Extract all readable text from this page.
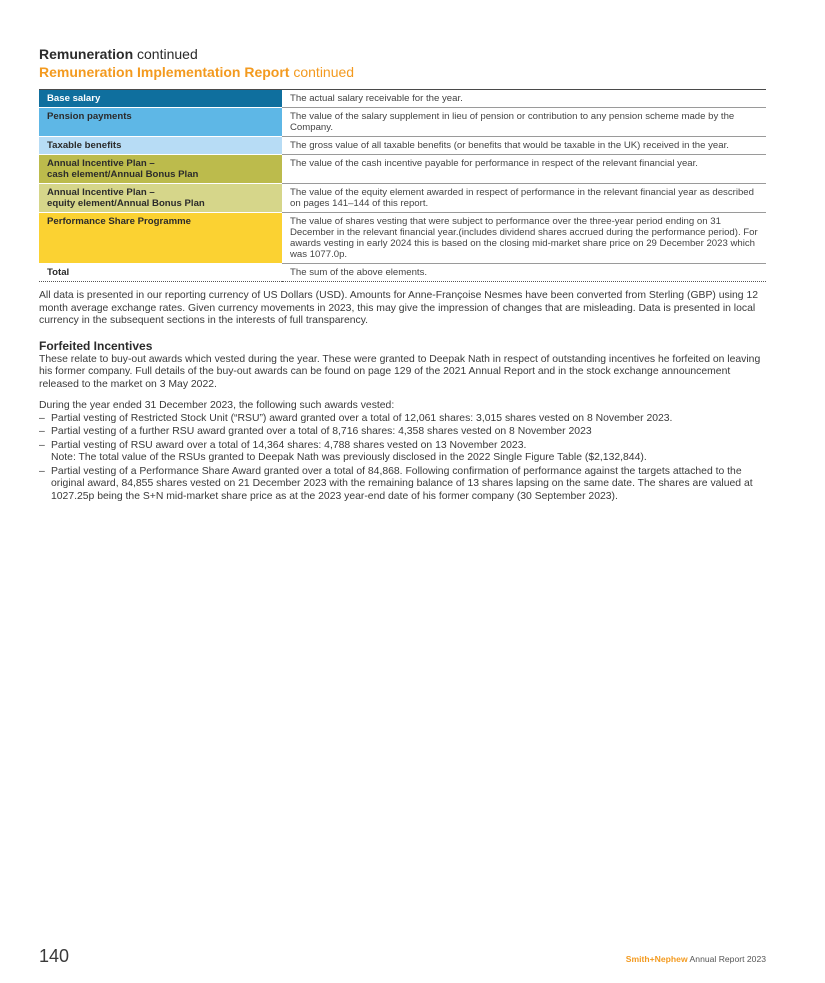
Remuneration continued
Remuneration Implementation Report continued
Base salary	The actual salary receivable for the year.
Pension payments	The value of the salary supplement in lieu of pension or contribution to any pension scheme made by the Company.
Taxable benefits	The gross value of all taxable benefits (or benefits that would be taxable in the UK) received in the year.
Annual Incentive Plan –
cash element/Annual Bonus Plan	The value of the cash incentive payable for performance in respect of the relevant financial year.
Annual Incentive Plan –
equity element/Annual Bonus Plan	The value of the equity element awarded in respect of performance in the relevant financial year as described on pages 141–144 of this report.
Performance Share Programme	The value of shares vesting that were subject to performance over the three-year period ending on 31 December in the relevant financial year.(includes dividend shares accrued during the performance period). For awards vesting in early 2024 this is based on the closing mid-market share price on 29 December 2023 which was 1077.0p.
Total	The sum of the above elements.

All data is presented in our reporting currency of US Dollars (USD). Amounts for Anne-Françoise Nesmes have been converted from Sterling (GBP) using 12 month average exchange rates. Given currency movements in 2023, this may give the impression of changes that are misleading. Data is presented in local currency in the subsequent sections in the interests of full transparency.

Forfeited Incentives

These relate to buy-out awards which vested during the year. These were granted to Deepak Nath in respect of outstanding incentives he forfeited on leaving his former company. Full details of the buy-out awards can be found on page 129 of the 2021 Annual Report and in the stock exchange announcement released to the market on 3 May 2022.

During the year ended 31 December 2023, the following such awards vested:

– Partial vesting of Restricted Stock Unit (“RSU”) award granted over a total of 12,061 shares: 3,015 shares vested on 8 November 2023.
– Partial vesting of a further RSU award granted over a total of 8,716 shares: 4,358 shares vested on 8 November 2023
– Partial vesting of RSU award over a total of 14,364 shares: 4,788 shares vested on 13 November 2023.
Note: The total value of the RSUs granted to Deepak Nath was previously disclosed in the 2022 Single Figure Table ($2,132,844).
– Partial vesting of a Performance Share Award granted over a total of 84,868. Following confirmation of performance against the targets attached to the original award, 84,855 shares vested on 21 December 2023 with the remaining balance of 13 shares lapsing on the same date. The shares are valued at 1027.25p being the S+N mid-market share price as at the 2023 year-end date of his former company (30 September 2023).
140	Smith+Nephew Annual Report 2023
